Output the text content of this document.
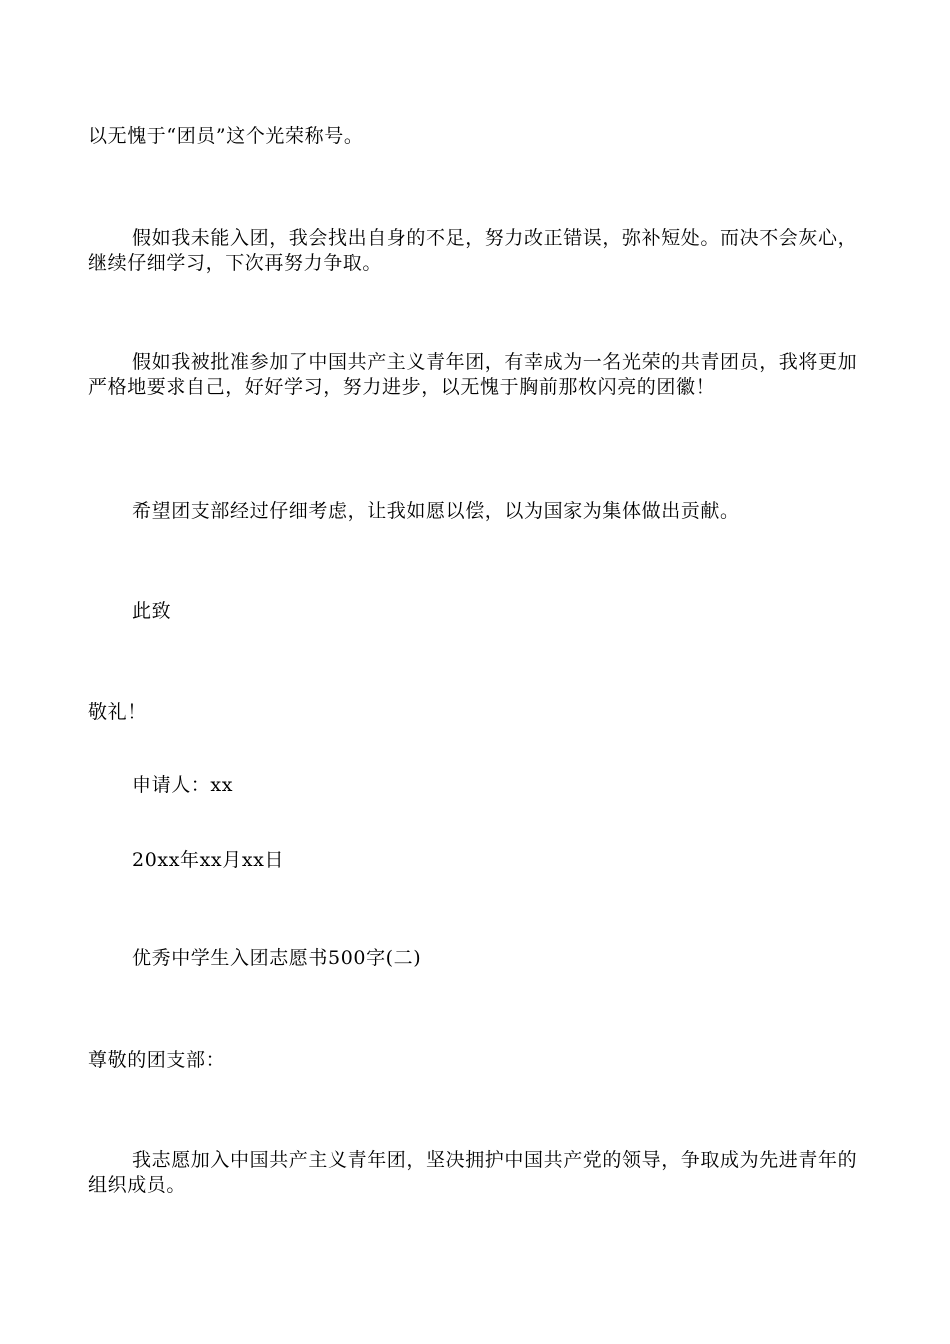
以无愧于“团员”这个光荣称号。

假如我未能入团，我会找出自身的不足，努力改正错误，弥补短处。而决不会灰心，继续仔细学习，下次再努力争取。

假如我被批准参加了中国共产主义青年团，有幸成为一名光荣的共青团员，我将更加严格地要求自己，好好学习，努力进步，以无愧于胸前那枚闪亮的团徽！

希望团支部经过仔细考虑，让我如愿以偿，以为国家为集体做出贡献。

此致

敬礼！

申请人：xx

20xx年xx月xx日

优秀中学生入团志愿书500字(二)

尊敬的团支部：

我志愿加入中国共产主义青年团，坚决拥护中国共产党的领导，争取成为先进青年的组织成员。
